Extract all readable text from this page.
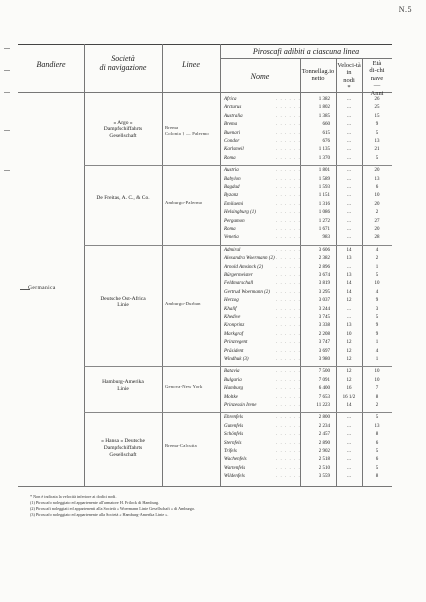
N.5
Bandiere
Società
di navigazione	Linee
Piroscafi adibiti a ciascuna linea
Nome
Tonnellag.io
netto
Veloci-tà
in
nodi
*
Età
di-chi
nave
—
Anni
« Argo »
Dampfschiffahrts
Gesellschaft
Brema
Colonia } — Palermo
Africa	. . . . . .	1 382	...	26
Arcturus	. . . . . .	1 802	...	25
Australia	. . . . . .	1 385	...	15
Brema	. . . . . .	660	...	9
Buenari	. . . . . .	615	...	5
Condor	. . . . . .	676	...	13
Karlsmeil	. . . . . .	1 135	...	21
Roma	. . . . . .	1 370	...	5
De Freitas, A. C., & Co.
Amburgo-Palermo
Austria	. . . . . .	1 801	...	20
Babylon	. . . . . .	1 589	...	13
Bagdad	. . . . . .	1 593	...	6
Byzanz	. . . . . .	1 151	...	10
Emilaemi	. . . . . .	1 316	...	20
Helsingburg (1)	. . . . . .	1 086	...	2
Pergamon	. . . . . .	1 272	...	27
Roma	. . . . . .	1 671	...	20
Venetia	. . . . . .	983	...	28
Deutsche Ost-Africa
Linie	Amburgo-Durban
Admiral	. . . . . .	3 606	14	4
Alexandra Woermann (2) . . . . . .	2 382	13	2
Arnold Amsinck (2)	. . . . . .	2 896	...	1
Bürgermeister	. . . . . .	3 674	13	5
Feldmarschall	. . . . . .	3 819	14	10
Gertrud Woermann (2) . . . . . .	3 295	14	4
Herzog	. . . . . .	3 037	12	9
Khalif	. . . . . .	3 244	...	3
Khedive	. . . . . .	3 745	...	5
Kronprinz	. . . . . .	3 338	13	9
Markgraf	. . . . . .	2 208	10	9
Prinzregent	. . . . . .	3 747	12	1
Präsident	. . . . . .	3 697	12	4
Windhuk (3)	. . . . . .	3 980	12	1
Hamburg-Amerika
Linie	Genova-New York
Batavia	. . . . . .	7 500	12	10
Bulgaria	. . . . . .	7 091	12	10
Hamburg	. . . . . .	6 400	16	7
Moltke	. . . . . .	7 653	16 1/2	8
Prinzessin Irene	. . . . . .	11 223	14	2
« Hansa » Deutsche
Dampfschiffahrts
Gesellschaft
Brema-Calcutta
Ehrenfels	. . . . . .	2 800	...	5
Gutenfels	. . . . . .	2 234	...	13
Schönfels	. . . . . .	2 457	...	8
Sternfels	. . . . . .	2 890	...	6
Trifels	. . . . . .	2 902	...	5
Wachenfels	. . . . . .	2 518	...	6
Wartenfels	. . . . . .	2 510	...	5
Wildenfels	. . . . . .	3 559	...	8
Germanica

* Non è indicata la velocità inferiore ai dodici nodi.

(1) Piroscafo noleggiato ed appartenente all'armatore H. Frilock di Hamburg.

(2) Piroscafi noleggiati ed appartenenti alla Società « Woermann Linie Gesellschaft » di Amburgo.

(3) Piroscafo noleggiato ed appartenente alla Società « Hamburg-Amerika Linie ».
